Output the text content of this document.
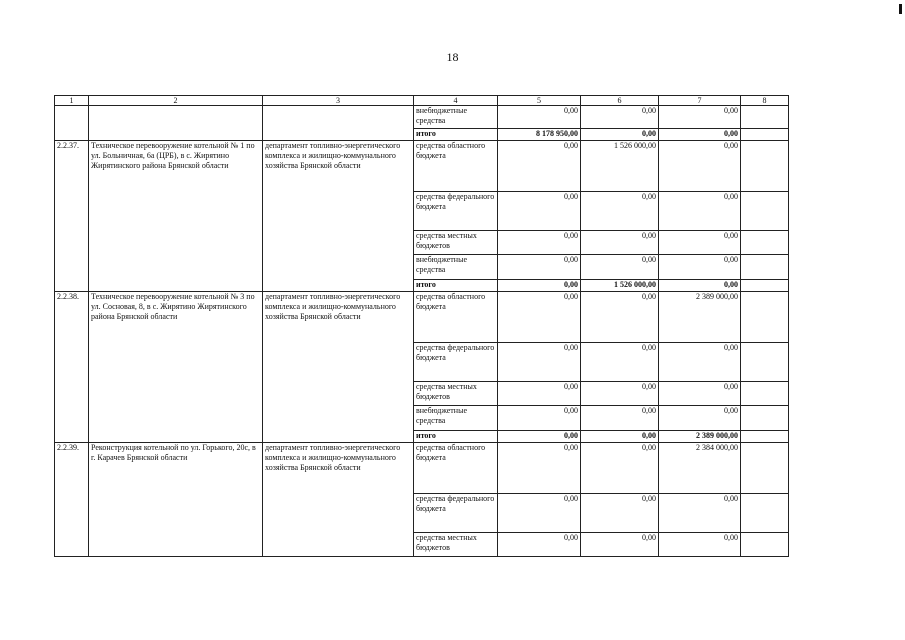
18
1	2	3	4	5	6	7	8
			внебюджетные средства	0,00	0,00	0,00	
			итого	8 178 950,00	0,00	0,00	
2.2.37.	Техническое перевооружение котельной № 1 по ул. Больничная, 6а (ЦРБ), в с. Жирятино Жирятинского района Брянской области	департамент топливно-энергетического комплекса и жилищно-коммунального хозяйства Брянской области	средства областного бюджета	0,00	1 526 000,00	0,00	
			средства федерального бюджета	0,00	0,00	0,00	
			средства местных бюджетов	0,00	0,00	0,00	
			внебюджетные средства	0,00	0,00	0,00	
			итого	0,00	1 526 000,00	0,00	
2.2.38.	Техническое перевооружение котельной № 3 по ул. Сосновая, 8, в с. Жирятино Жирятинского района Брянской области	департамент топливно-энергетического комплекса и жилищно-коммунального хозяйства Брянской области	средства областного бюджета	0,00	0,00	2 389 000,00	
			средства федерального бюджета	0,00	0,00	0,00	
			средства местных бюджетов	0,00	0,00	0,00	
			внебюджетные средства	0,00	0,00	0,00	
			итого	0,00	0,00	2 389 000,00	
2.2.39.	Реконструкция котельной по ул. Горького, 20с, в г. Карачев Брянской области	департамент топливно-энергетического комплекса и жилищно-коммунального хозяйства Брянской области	средства областного бюджета	0,00	0,00	2 384 000,00	
			средства федерального бюджета	0,00	0,00	0,00	
			средства местных бюджетов	0,00	0,00	0,00	
